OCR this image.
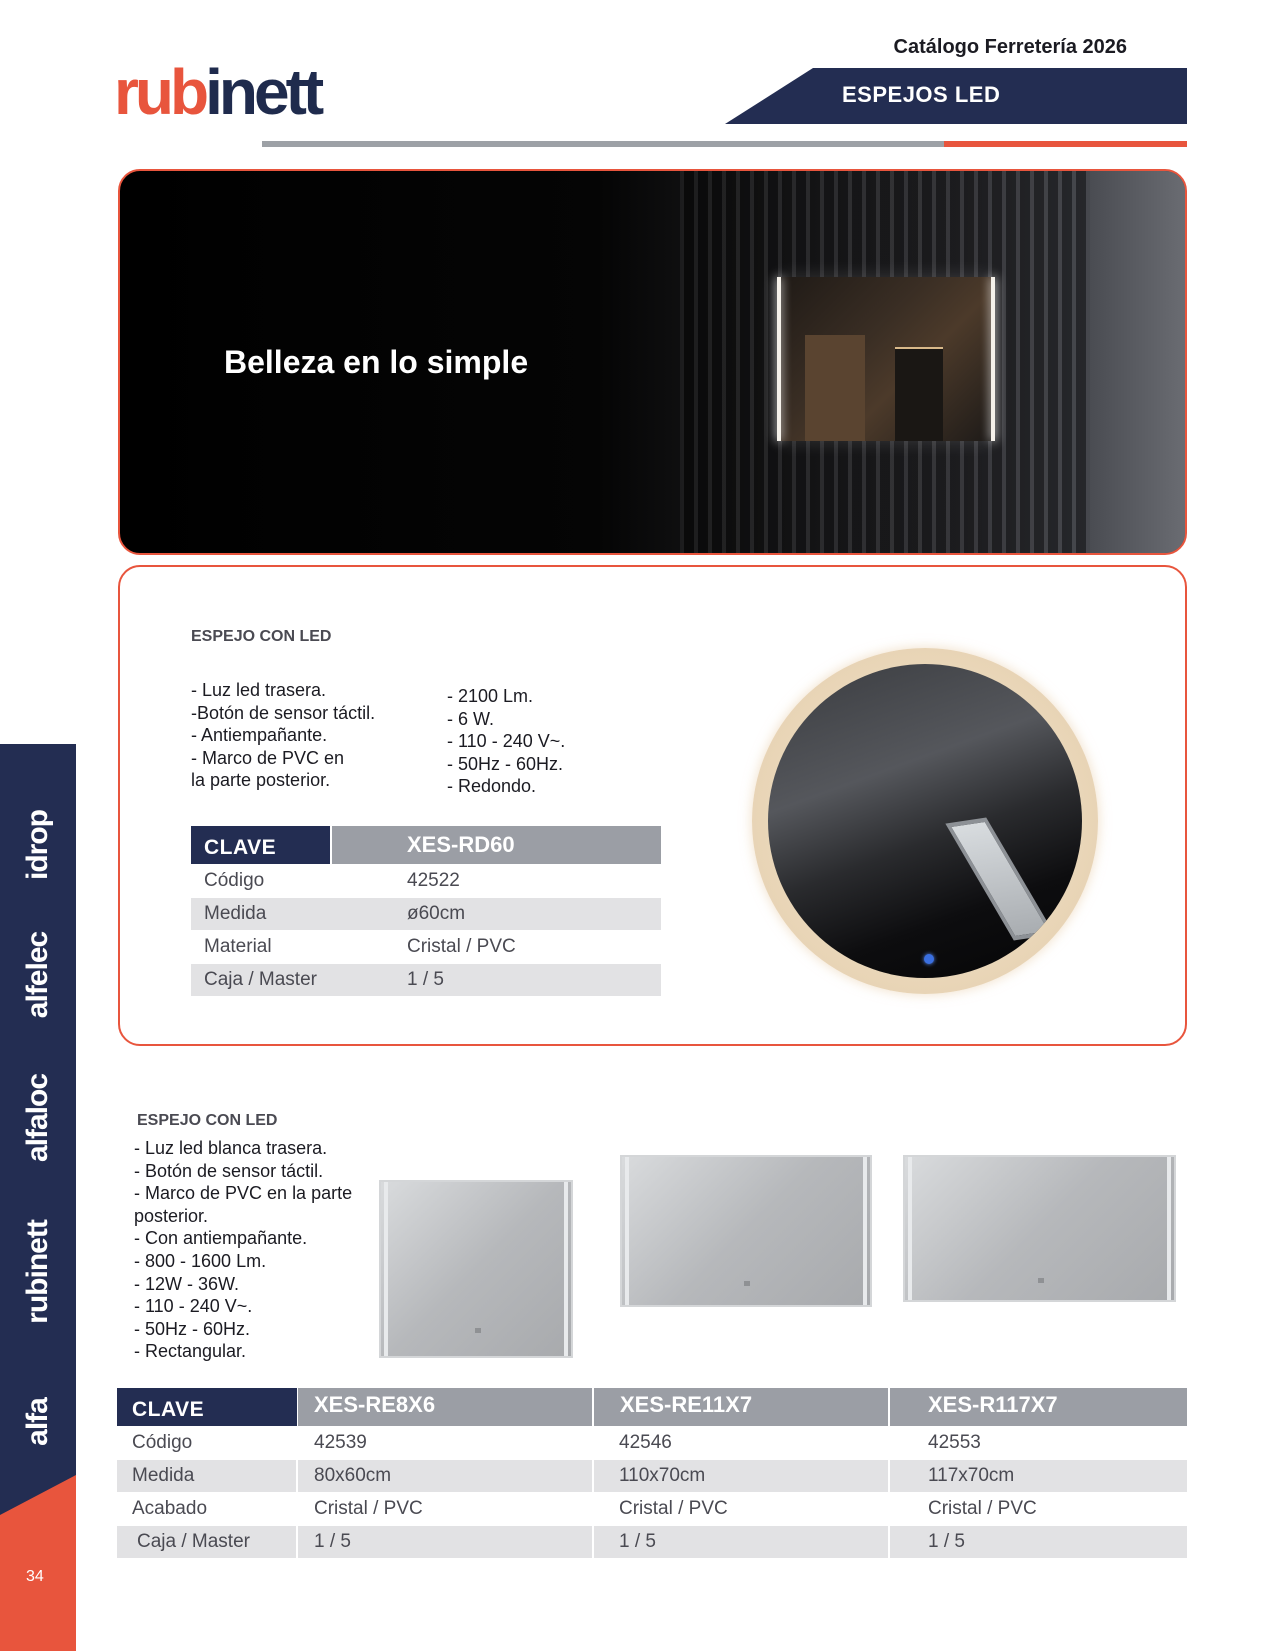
Catálogo Ferretería 2026
rubinett	ESPEJOS LED
Belleza en lo simple
ESPEJO CON LED
- Luz led trasera.
-Botón de sensor táctil.
- Antiempañante.
- Marco de PVC en
la parte posterior.
- 2100 Lm.
- 6 W.
- 110 - 240 V~.
- 50Hz - 60Hz.
- Redondo.
CLAVE	XES-RD60
Código	42522
Medida	ø60cm
Material	Cristal / PVC
Caja / Master	1 / 5
ESPEJO CON LED
- Luz led blanca trasera.
- Botón de sensor táctil.
- Marco de PVC en la parte
posterior.
- Con antiempañante.
- 800 - 1600 Lm.
- 12W - 36W.
- 110 - 240 V~.
- 50Hz - 60Hz.
- Rectangular.
CLAVE	XES-RE8X6	XES-RE11X7	XES-R117X7
Código	42539	42546	42553
Medida	80x60cm	110x70cm	117x70cm
Acabado	Cristal / PVC	Cristal / PVC	Cristal / PVC
Caja / Master	1 / 5	1 / 5	1 / 5
idrop
alfelec
alfaloc
rubinett
alfa
34
